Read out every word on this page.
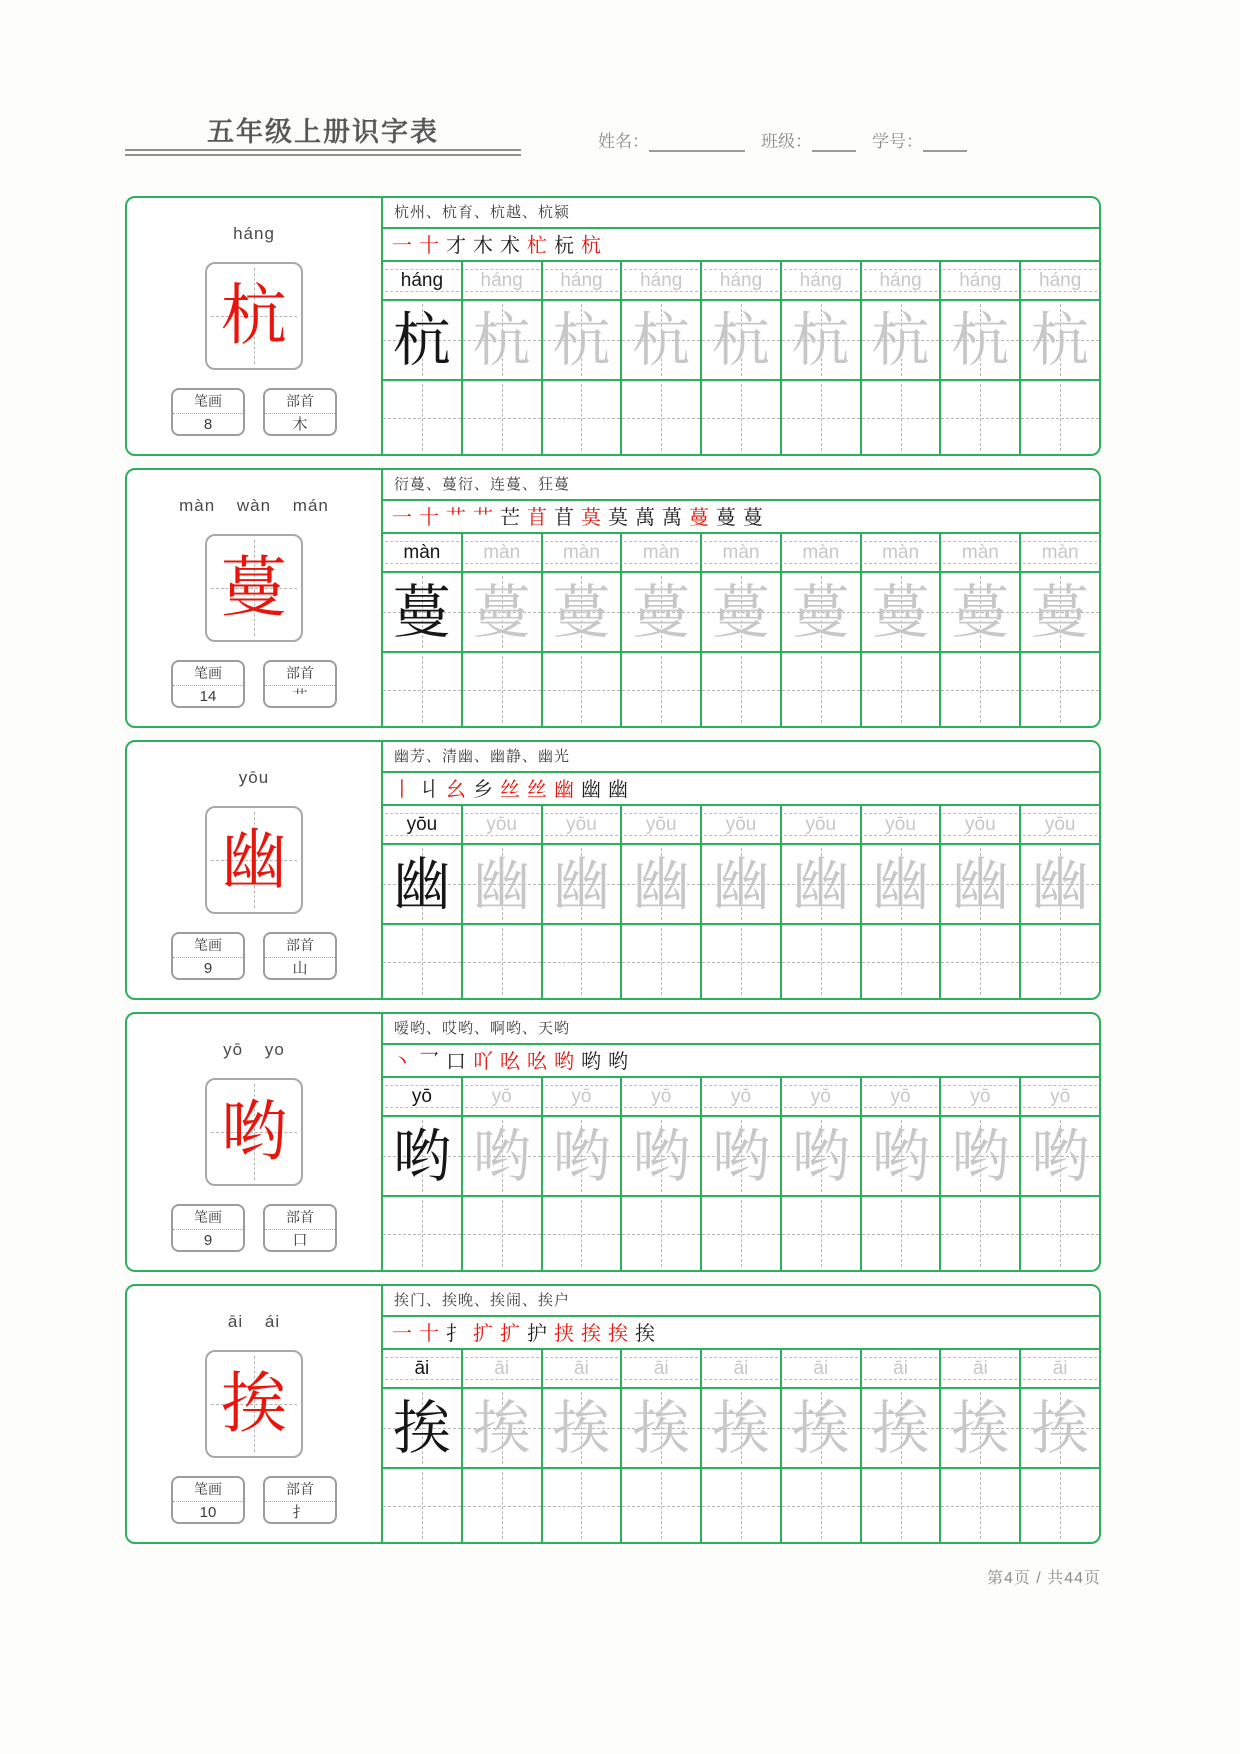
五年级上册识字表	姓名：	班级：	学号：
háng
杭
笔画
8
部首
木
杭州、杭育、杭越、杭颍
一 十 才 木 术 杧 杬 杭
háng	háng	háng	háng	háng	háng	háng	háng	háng
杭 杭 杭 杭 杭 杭 杭 杭 杭
màn wàn mán
蔓
笔画
14
部首
艹
衍蔓、蔓衍、连蔓、狂蔓
一 十 艹 艹 芒 苜 苜 莫 莫 萬 萬 蔓 蔓 蔓
màn	màn	màn	màn	màn	màn	màn	màn	màn
蔓 蔓 蔓 蔓 蔓 蔓 蔓 蔓 蔓
yōu
幽
笔画
9
部首
山
幽芳、清幽、幽静、幽光
丨 丩 幺 乡 丝 丝 幽 幽 幽
yōu	yōu	yōu	yōu	yōu	yōu	yōu	yōu	yōu
幽 幽 幽 幽 幽 幽 幽 幽 幽
yō yo
哟
笔画
9
部首
口
嗳哟、哎哟、啊哟、天哟
丶 乛 口 吖 吆 吆 哟 哟 哟
yō	yō	yō	yō	yō	yō	yō	yō	yō
哟 哟 哟 哟 哟 哟 哟 哟 哟
āi ái
挨
笔画
10
部首
扌
挨门、挨晚、挨闹、挨户
一 十 扌 扩 扩 护 挟 挨 挨 挨
āi	āi	āi	āi	āi	āi	āi	āi	āi
挨 挨 挨 挨 挨 挨 挨 挨 挨
第4页 / 共44页
